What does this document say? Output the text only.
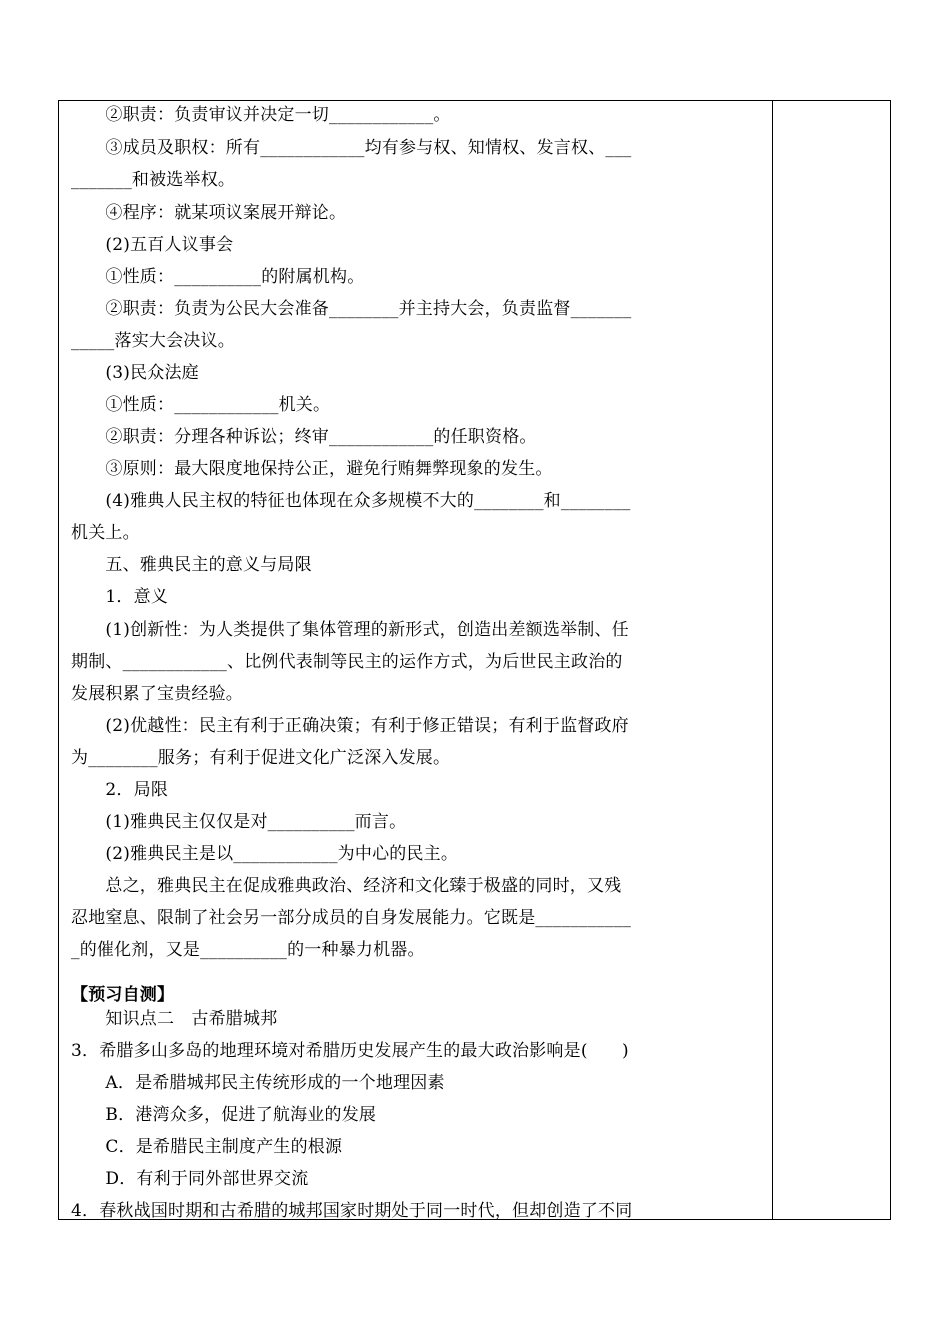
　　②职责：负责审议并决定一切____________。
　　③成员及职权：所有____________均有参与权、知情权、发言权、___
_______和被选举权。
　　④程序：就某项议案展开辩论。
　　(2)五百人议事会
　　①性质：__________的附属机构。
　　②职责：负责为公民大会准备________并主持大会，负责监督_______
_____落实大会决议。
　　(3)民众法庭
　　①性质：____________机关。
　　②职责：分理各种诉讼；终审____________的任职资格。
　　③原则：最大限度地保持公正，避免行贿舞弊现象的发生。
　　(4)雅典人民主权的特征也体现在众多规模不大的________和________
机关上。
　　五、雅典民主的意义与局限
　　1．意义
　　(1)创新性：为人类提供了集体管理的新形式，创造出差额选举制、任
期制、____________、比例代表制等民主的运作方式，为后世民主政治的
发展积累了宝贵经验。
　　(2)优越性：民主有利于正确决策；有利于修正错误；有利于监督政府
为________服务；有利于促进文化广泛深入发展。
　　2．局限
　　(1)雅典民主仅仅是对__________而言。
　　(2)雅典民主是以____________为中心的民主。
　　总之，雅典民主在促成雅典政治、经济和文化臻于极盛的同时，又残
忍地窒息、限制了社会另一部分成员的自身发展能力。它既是___________
_的催化剂，又是__________的一种暴力机器。
【预习自测】
　　知识点二　古希腊城邦
3．希腊多山多岛的地理环境对希腊历史发展产生的最大政治影响是(　　)
　　A．是希腊城邦民主传统形成的一个地理因素
　　B．港湾众多，促进了航海业的发展
　　C．是希腊民主制度产生的根源
　　D．有利于同外部世界交流
4．春秋战国时期和古希腊的城邦国家时期处于同一时代，但却创造了不同
